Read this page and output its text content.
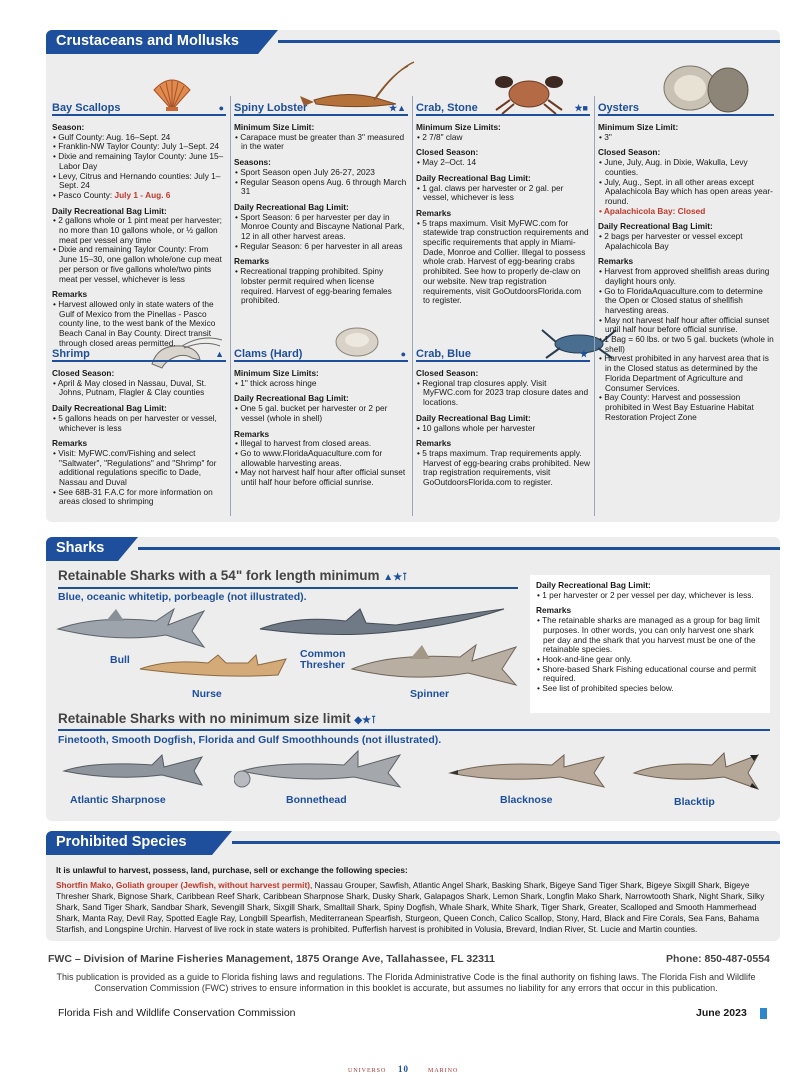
Crustaceans and Mollusks
Bay Scallops	●
Season:
• Gulf County: Aug. 16–Sept. 24
• Franklin-NW Taylor County: July 1–Sept. 24
• Dixie and remaining Taylor County: June 15–Labor Day
• Levy, Citrus and Hernando counties: July 1–Sept. 24
• Pasco County: July 1 - Aug. 6
Daily Recreational Bag Limit:
• 2 gallons whole or 1 pint meat per harvester; no more than 10 gallons whole, or ½ gallon meat per vessel any time
• Dixie and remaining Taylor County: From June 15–30, one gallon whole/one cup meat per person or five gallons whole/two pints meat per vessel, whichever is less
Remarks
• Harvest allowed only in state waters of the Gulf of Mexico from the Pinellas - Pasco county line, to the west bank of the Mexico Beach Canal in Bay County. Direct transit through closed areas permitted.
Spiny Lobster	★▲
Minimum Size Limit:
• Carapace must be greater than 3" measured in the water
Seasons:
• Sport Season open July 26-27, 2023
• Regular Season opens Aug. 6 through March 31
Daily Recreational Bag Limit:
• Sport Season: 6 per harvester per day in Monroe County and Biscayne National Park, 12 in all other harvest areas.
• Regular Season: 6 per harvester in all areas
Remarks
• Recreational trapping prohibited. Spiny lobster permit required when license required. Harvest of egg-bearing females prohibited.
Crab, Stone	★■
Minimum Size Limits:
• 2 7/8" claw
Closed Season:
• May 2–Oct. 14
Daily Recreational Bag Limit:
• 1 gal. claws per harvester or 2 gal. per vessel, whichever is less
Remarks
• 5 traps maximum. Visit MyFWC.com for statewide trap construction requirements and specific requirements that apply in Miami-Dade, Monroe and Collier. Illegal to possess whole crab. Harvest of egg-bearing crabs prohibited. See how to properly de-claw on our website. New trap registration requirements, visit GoOutdoorsFlorida.com to register.
Oysters
Minimum Size Limit:
• 3"
Closed Season:
• June, July, Aug. in Dixie, Wakulla, Levy counties.
• July, Aug., Sept. in all other areas except Apalachicola Bay which has open areas year-round.
• Apalachicola Bay: Closed
Daily Recreational Bag Limit:
• 2 bags per harvester or vessel except Apalachicola Bay
Remarks
• Harvest from approved shellfish areas during daylight hours only.
• Go to FloridaAquaculture.com to determine the Open or Closed status of shellfish harvesting areas.
• May not harvest half hour after official sunset until half hour before official sunrise.
• 1 Bag = 60 lbs. or two 5 gal. buckets (whole in shell)
• Harvest prohibited in any harvest area that is in the Closed status as determined by the Florida Department of Agriculture and Consumer Services.
• Bay County: Harvest and possession prohibited in West Bay Estuarine Habitat Restoration Project Zone
Shrimp	▲
Closed Season:
• April & May closed in Nassau, Duval, St. Johns, Putnam, Flagler & Clay counties
Daily Recreational Bag Limit:
• 5 gallons heads on per harvester or vessel, whichever is less
Remarks
• Visit: MyFWC.com/Fishing and select "Saltwater", "Regulations" and "Shrimp" for additional regulations specific to Dade, Nassau and Duval
• See 68B-31 F.A.C for more information on areas closed to shrimping
Clams (Hard)	●
Minimum Size Limits:
• 1" thick across hinge
Daily Recreational Bag Limit:
• One 5 gal. bucket per harvester or 2 per vessel (whole in shell)
Remarks
• Illegal to harvest from closed areas.
• Go to www.FloridaAquaculture.com for allowable harvesting areas.
• May not harvest half hour after official sunset until half hour before official sunrise.
Crab, Blue	★
Closed Season:
• Regional trap closures apply. Visit MyFWC.com for 2023 trap closure dates and locations.
Daily Recreational Bag Limit:
• 10 gallons whole per harvester
Remarks
• 5 traps maximum. Trap requirements apply. Harvest of egg-bearing crabs prohibited. New trap registration requirements, visit GoOutdoorsFlorida.com to register.
Sharks
Retainable Sharks with a 54" fork length minimum ▲★⊺
Blue, oceanic whitetip, porbeagle (not illustrated).
Bull	Common Thresher
Nurse	Spinner
Daily Recreational Bag Limit:
• 1 per harvester or 2 per vessel per day, whichever is less.
Remarks
• The retainable sharks are managed as a group for bag limit purposes. In other words, you can only harvest one shark per day and the shark that you harvest must be one of the retainable species.
• Hook-and-line gear only.
• Shore-based Shark Fishing educational course and permit required.
• See list of prohibited species below.
Retainable Sharks with no minimum size limit ◆★⊺
Finetooth, Smooth Dogfish, Florida and Gulf Smoothhounds (not illustrated).
Atlantic Sharpnose	Bonnethead	Blacknose	Blacktip
Prohibited Species
It is unlawful to harvest, possess, land, purchase, sell or exchange the following species:
Shortfin Mako, Goliath grouper (Jewfish, without harvest permit), Nassau Grouper, Sawfish, Atlantic Angel Shark, Basking Shark, Bigeye Sand Tiger Shark, Bigeye Sixgill Shark, Bigeye Thresher Shark, Bignose Shark, Caribbean Reef Shark, Caribbean Sharpnose Shark, Dusky Shark, Galapagos Shark, Lemon Shark, Longfin Mako Shark, Narrowtooth Shark, Night Shark, Silky Shark, Sand Tiger Shark, Sandbar Shark, Sevengill Shark, Sixgill Shark, Smalltail Shark, Spiny Dogfish, Whale Shark, White Shark, Tiger Shark, Greater, Scalloped and Smooth Hammerhead Shark, Manta Ray, Devil Ray, Spotted Eagle Ray, Longbill Spearfish, Mediterranean Spearfish, Sturgeon, Queen Conch, Calico Scallop, Stony, Hard, Black and Fire Corals, Sea Fans, Bahama Starfish, and Longspine Urchin. Harvest of live rock in state waters is prohibited. Pufferfish harvest is prohibited in Volusia, Brevard, Indian River, St. Lucie and Martin counties.
FWC – Division of Marine Fisheries Management, 1875 Orange Ave, Tallahassee, FL 32311	Phone: 850-487-0554
This publication is provided as a guide to Florida fishing laws and regulations. The Florida Administrative Code is the final authority on fishing laws. The Florida Fish and Wildlife Conservation Commission (FWC) strives to ensure information in this booklet is accurate, but assumes no liability for any errors that occur in this publication.
Florida Fish and Wildlife Conservation Commission	June 2023
UNIVERSO 10	MARINO
